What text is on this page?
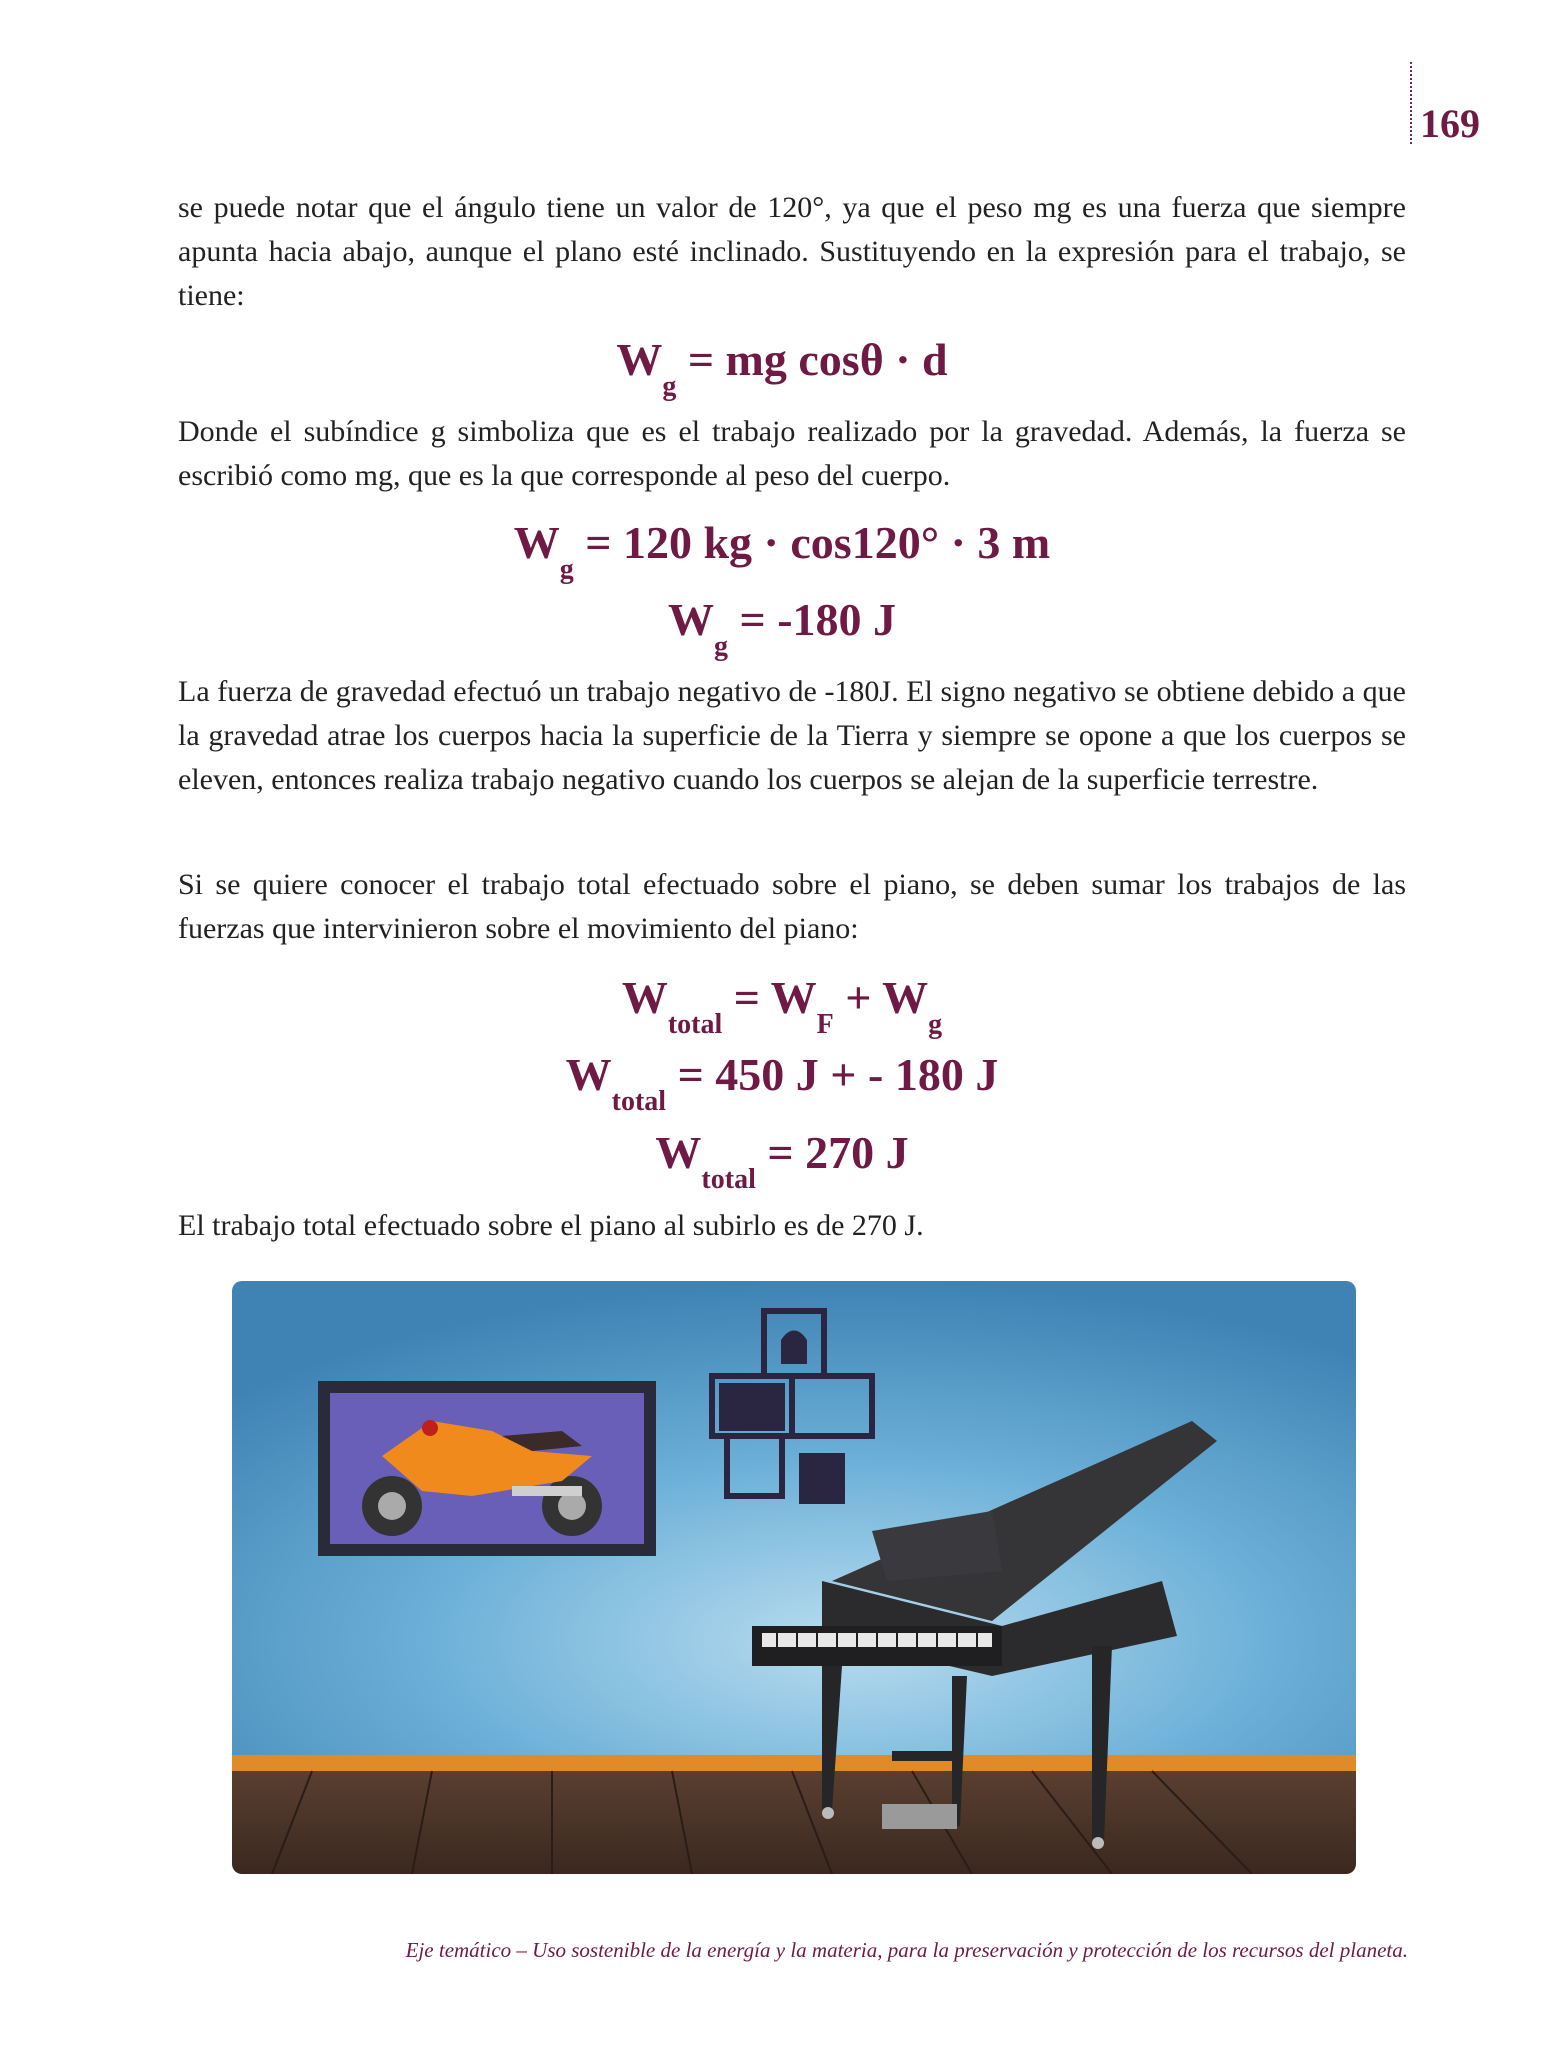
169

se puede notar que el ángulo tiene un valor de 120°, ya que el peso mg es una fuerza que siempre apunta hacia abajo, aunque el plano esté inclinado. Sustituyendo en la expresión para el trabajo, se tiene:

$W_g$ = mg cosθ · d

Donde el subíndice g simboliza que es el trabajo realizado por la gravedad. Además, la fuerza se escribió como mg, que es la que corresponde al peso del cuerpo.

$W_g = 120$ kg · cos120° · 3 m
$W_g = -180$ J

La fuerza de gravedad efectuó un trabajo negativo de -180J. El signo negativo se obtiene debido a que la gravedad atrae los cuerpos hacia la superficie de la Tierra y siempre se opone a que los cuerpos se eleven, entonces realiza trabajo negativo cuando los cuerpos se alejan de la superficie terrestre.

Si se quiere conocer el trabajo total efectuado sobre el piano, se deben sumar los trabajos de las fuerzas que intervinieron sobre el movimiento del piano:

$W_{total} = W_F + W_g$
$W_{total} = 450$ J + - 180 J
$W_{total} = 270$ J

El trabajo total efectuado sobre el piano al subirlo es de 270 J.

Eje temático – Uso sostenible de la energía y la materia, para la preservación y protección de los recursos del planeta.
